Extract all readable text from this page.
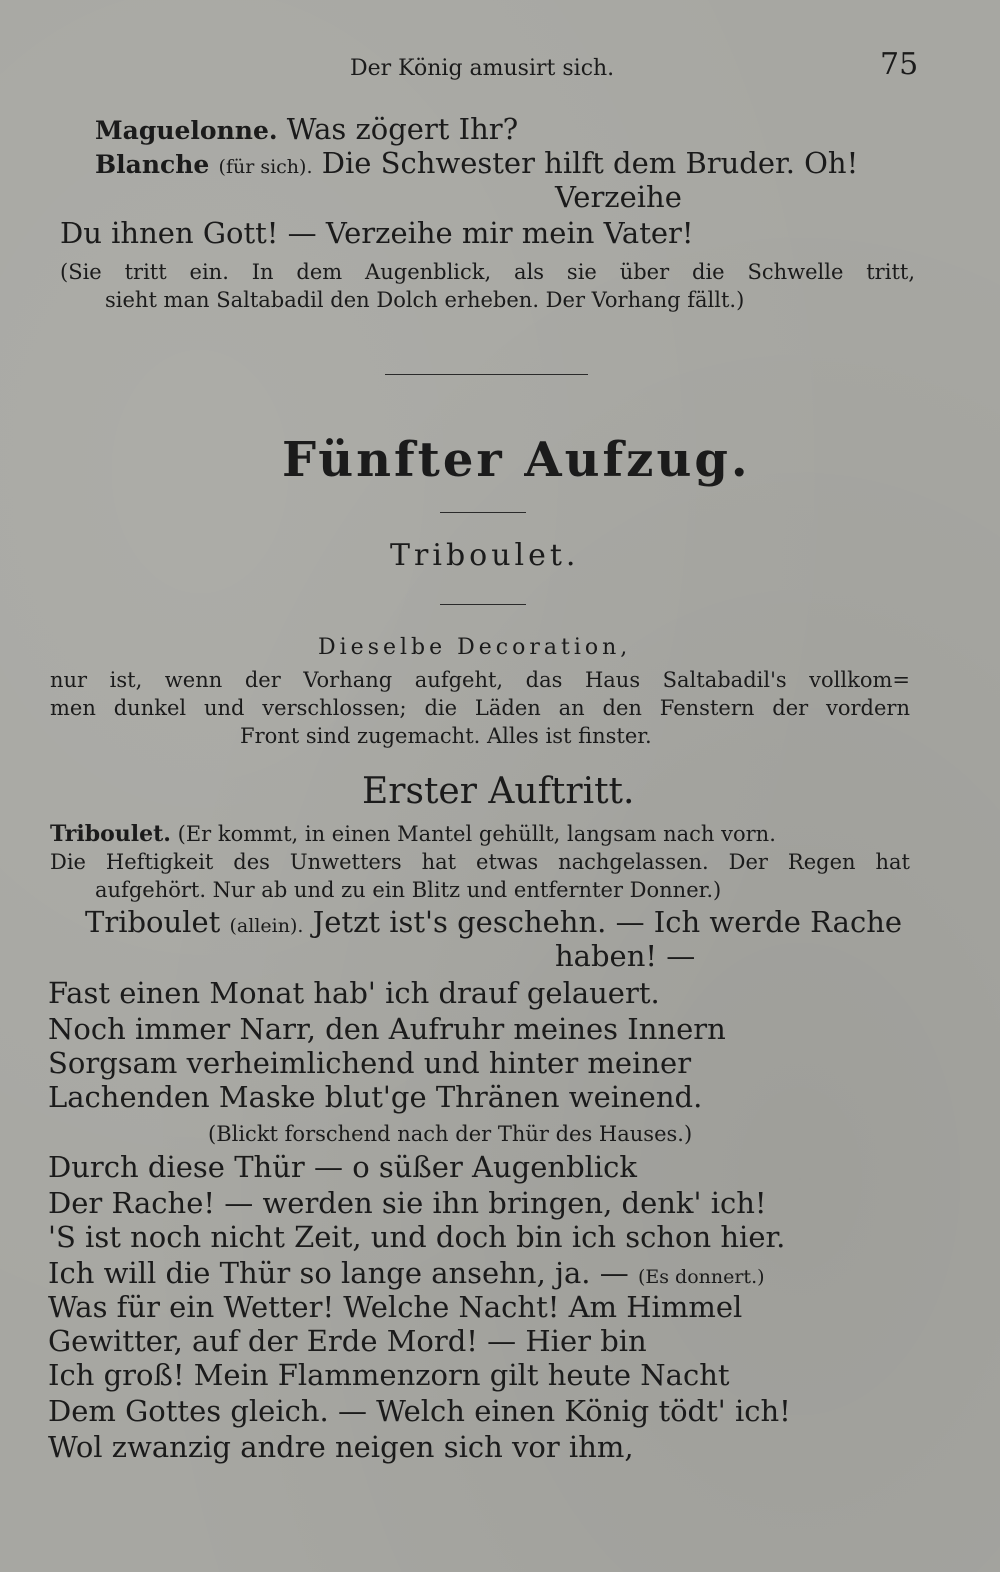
Der König amusirt sich.	75
Maguelonne. Was zögert Ihr?
Blanche (für sich). Die Schwester hilft dem Bruder. Oh!
Verzeihe
Du ihnen Gott! — Verzeihe mir mein Vater!
(Sie tritt ein. In dem Augenblick, als sie über die Schwelle tritt,
sieht man Saltabadil den Dolch erheben. Der Vorhang fällt.)
Fünfter Aufzug.
Triboulet.
Dieselbe Decoration,
nur ist, wenn der Vorhang aufgeht, das Haus Saltabadil's vollkom=
men dunkel und verschlossen; die Läden an den Fenstern der vordern
Front sind zugemacht. Alles ist finster.
Erster Auftritt.
Triboulet. (Er kommt, in einen Mantel gehüllt, langsam nach vorn.
Die Heftigkeit des Unwetters hat etwas nachgelassen. Der Regen hat
aufgehört. Nur ab und zu ein Blitz und entfernter Donner.)
Triboulet (allein). Jetzt ist's geschehn. — Ich werde Rache
haben! —
Fast einen Monat hab' ich drauf gelauert.
Noch immer Narr, den Aufruhr meines Innern
Sorgsam verheimlichend und hinter meiner
Lachenden Maske blut'ge Thränen weinend.
(Blickt forschend nach der Thür des Hauses.)
Durch diese Thür — o süßer Augenblick
Der Rache! — werden sie ihn bringen, denk' ich!
'S ist noch nicht Zeit, und doch bin ich schon hier.
Ich will die Thür so lange ansehn, ja. — (Es donnert.)
Was für ein Wetter! Welche Nacht! Am Himmel
Gewitter, auf der Erde Mord! — Hier bin
Ich groß! Mein Flammenzorn gilt heute Nacht
Dem Gottes gleich. — Welch einen König tödt' ich!
Wol zwanzig andre neigen sich vor ihm,
